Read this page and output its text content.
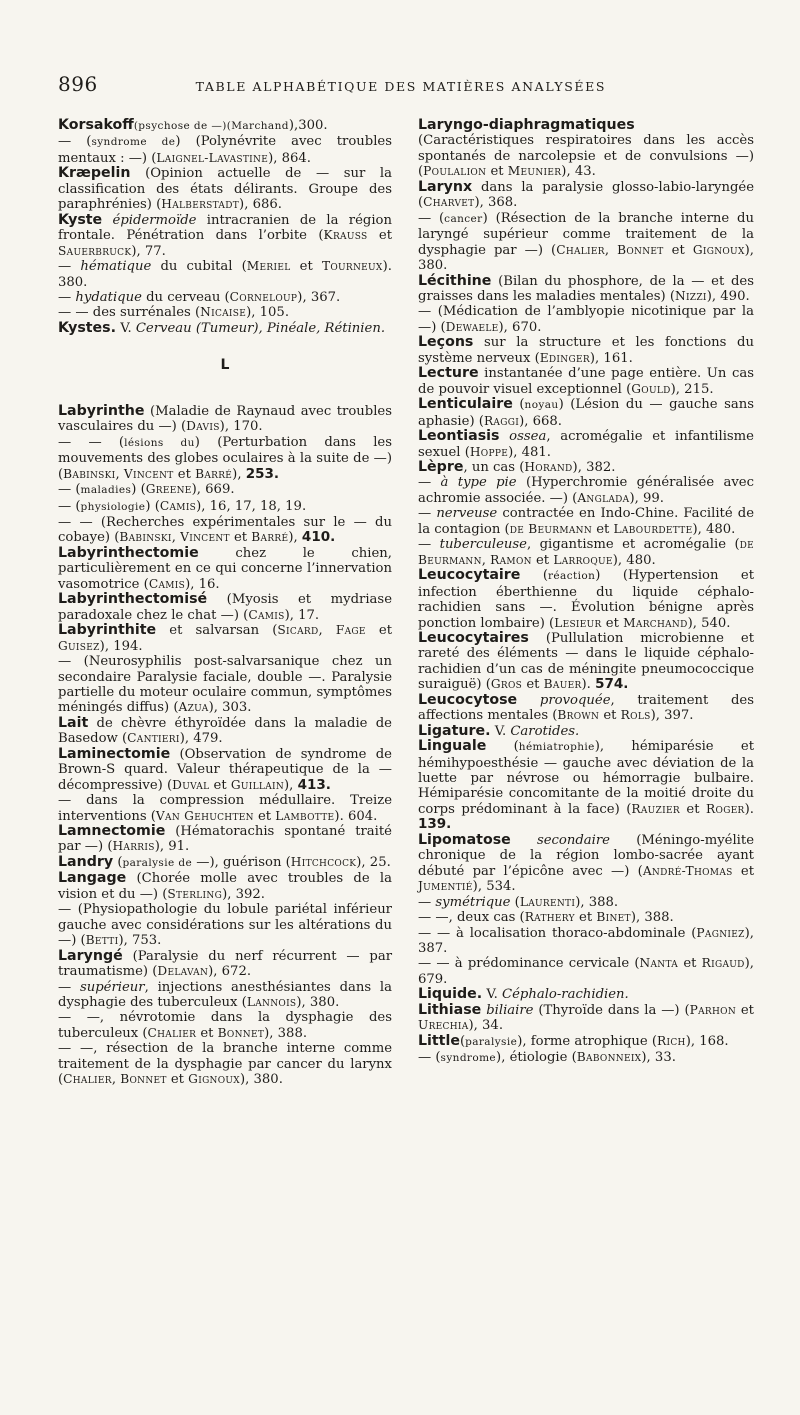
896	TABLE ALPHABÉTIQUE DES MATIÈRES ANALYSÉES

Korsakoff(psychose de —)(Marchand),300.

— (syndrome de) (Polynévrite avec troubles mentaux : —) (Laignel-Lavastine), 864.

Kræpelin (Opinion actuelle de — sur la classification des états délirants. Groupe des paraphrénies) (Halberstadt), 686.

Kyste épidermoïde intracranien de la région frontale. Pénétration dans l’orbite (Krauss et Sauerbruck), 77.

— hématique du cubital (Meriel et Tourneux). 380.

— hydatique du cerveau (Corneloup), 367.

— — des surrénales (Nicaise), 105.

Kystes. V. Cerveau (Tumeur), Pinéale, Rétinien.

L

Labyrinthe (Maladie de Raynaud avec troubles vasculaires du —) (Davis), 170.

— — (lésions du) (Perturbation dans les mouvements des globes oculaires à la suite de —) (Babinski, Vincent et Barré), 253.

— (maladies) (Greene), 669.

— (physiologie) (Camis), 16, 17, 18, 19.

— — (Recherches expérimentales sur le — du cobaye) (Babinski, Vincent et Barré), 410.

Labyrinthectomie chez le chien, particulièrement en ce qui concerne l’innervation vasomotrice (Camis), 16.

Labyrinthectomisé (Myosis et mydriase paradoxale chez le chat —) (Camis), 17.

Labyrinthite et salvarsan (Sicard, Fage et Guisez), 194.

— (Neurosyphilis post-salvarsanique chez un secondaire Paralysie faciale, double —. Paralysie partielle du moteur oculaire commun, symptômes méningés diffus) (Azua), 303.

Lait de chèvre éthyroïdée dans la maladie de Basedow (Cantieri), 479.

Laminectomie (Observation de syndrome de Brown-S quard. Valeur thérapeutique de la — décompressive) (Duval et Guillain), 413.

— dans la compression médullaire. Treize interventions (Van Gehuchten et Lambotte). 604.

Lamnectomie (Hématorachis spontané traité par —) (Harris), 91.

Landry (paralysie de —), guérison (Hitchcock), 25.

Langage (Chorée molle avec troubles de la vision et du —) (Sterling), 392.

— (Physiopathologie du lobule pariétal inférieur gauche avec considérations sur les altérations du —) (Betti), 753.

Laryngé (Paralysie du nerf récurrent — par traumatisme) (Delavan), 672.

— supérieur, injections anesthésiantes dans la dysphagie des tuberculeux (Lannois), 380.

— —, névrotomie dans la dysphagie des tuberculeux (Chalier et Bonnet), 388.

— —, résection de la branche interne comme traitement de la dysphagie par cancer du larynx (Chalier, Bonnet et Gignoux), 380.

Laryngo-diaphragmatiques (Caractéristiques respiratoires dans les accès spontanés de narcolepsie et de convulsions —) (Poulalion et Meunier), 43.

Larynx dans la paralysie glosso-labio-laryngée (Charvet), 368.

— (cancer) (Résection de la branche interne du laryngé supérieur comme traitement de la dysphagie par —) (Chalier, Bonnet et Gignoux), 380.

Lécithine (Bilan du phosphore, de la — et des graisses dans les maladies mentales) (Nizzi), 490.

— (Médication de l’amblyopie nicotinique par la —) (Dewaele), 670.

Leçons sur la structure et les fonctions du système nerveux (Edinger), 161.

Lecture instantanée d’une page entière. Un cas de pouvoir visuel exceptionnel (Gould), 215.

Lenticulaire (noyau) (Lésion du — gauche sans aphasie) (Raggi), 668.

Leontiasis ossea, acromégalie et infantilisme sexuel (Hoppe), 481.

Lèpre, un cas (Horand), 382.

— à type pie (Hyperchromie généralisée avec achromie associée. —) (Anglada), 99.

— nerveuse contractée en Indo-Chine. Facilité de la contagion (de Beurmann et Labourdette), 480.

— tuberculeuse, gigantisme et acromégalie (de Beurmann, Ramon et Larroque), 480.

Leucocytaire (réaction) (Hypertension et infection éberthienne du liquide céphalo-rachidien sans —. Évolution bénigne après ponction lombaire) (Lesieur et Marchand), 540.

Leucocytaires (Pullulation microbienne et rareté des éléments — dans le liquide céphalo-rachidien d’un cas de méningite pneumococcique suraiguë) (Gros et Bauer). 574.

Leucocytose provoquée, traitement des affections mentales (Brown et Rols), 397.

Ligature. V. Carotides.

Linguale (hémiatrophie), hémiparésie et hémihypoesthésie — gauche avec déviation de la luette par névrose ou hémorragie bulbaire. Hémiparésie concomitante de la moitié droite du corps prédominant à la face) (Rauzier et Roger). 139.

Lipomatose secondaire (Méningo-myélite chronique de la région lombo-sacrée ayant débuté par l’épicône avec —) (André-Thomas et Jumentié), 534.

— symétrique (Laurenti), 388.

— —, deux cas (Rathery et Binet), 388.

— — à localisation thoraco-abdominale (Pagniez), 387.

— — à prédominance cervicale (Nanta et Rigaud), 679.

Liquide. V. Céphalo-rachidien.

Lithiase biliaire (Thyroïde dans la —) (Parhon et Urechia), 34.

Little(paralysie), forme atrophique (Rich), 168.

— (syndrome), étiologie (Babonneix), 33.
